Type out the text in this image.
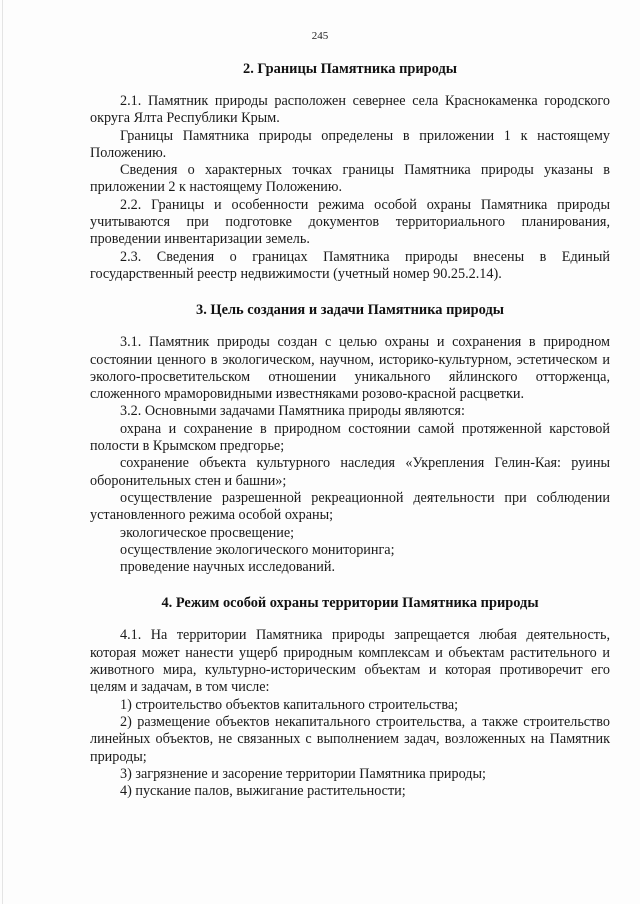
245
2. Границы Памятника природы

2.1. Памятник природы расположен севернее села Краснокаменка городского округа Ялта Республики Крым.

Границы Памятника природы определены в приложении 1 к настоящему Положению.

Сведения о характерных точках границы Памятника природы указаны в приложении 2 к настоящему Положению.

2.2. Границы и особенности режима особой охраны Памятника природы учитываются при подготовке документов территориального планирования, проведении инвентаризации земель.

2.3. Сведения о границах Памятника природы внесены в Единый государственный реестр недвижимости (учетный номер 90.25.2.14).

3. Цель создания и задачи Памятника природы

3.1. Памятник природы создан с целью охраны и сохранения в природном состоянии ценного в экологическом, научном, историко-культурном, эстетическом и эколого-просветительском отношении уникального яйлинского отторженца, сложенного мраморовидными известняками розово-красной расцветки.

3.2. Основными задачами Памятника природы являются:

охрана и сохранение в природном состоянии самой протяженной карстовой полости в Крымском предгорье;

сохранение объекта культурного наследия «Укрепления Гелин-Кая: руины оборонительных стен и башни»;

осуществление разрешенной рекреационной деятельности при соблюдении установленного режима особой охраны;

экологическое просвещение;

осуществление экологического мониторинга;

проведение научных исследований.

4. Режим особой охраны территории Памятника природы

4.1. На территории Памятника природы запрещается любая деятельность, которая может нанести ущерб природным комплексам и объектам растительного и животного мира, культурно-историческим объектам и которая противоречит его целям и задачам, в том числе:

1) строительство объектов капитального строительства;

2) размещение объектов некапитального строительства, а также строительство линейных объектов, не связанных с выполнением задач, возложенных на Памятник природы;

3) загрязнение и засорение территории Памятника природы;

4) пускание палов, выжигание растительности;
